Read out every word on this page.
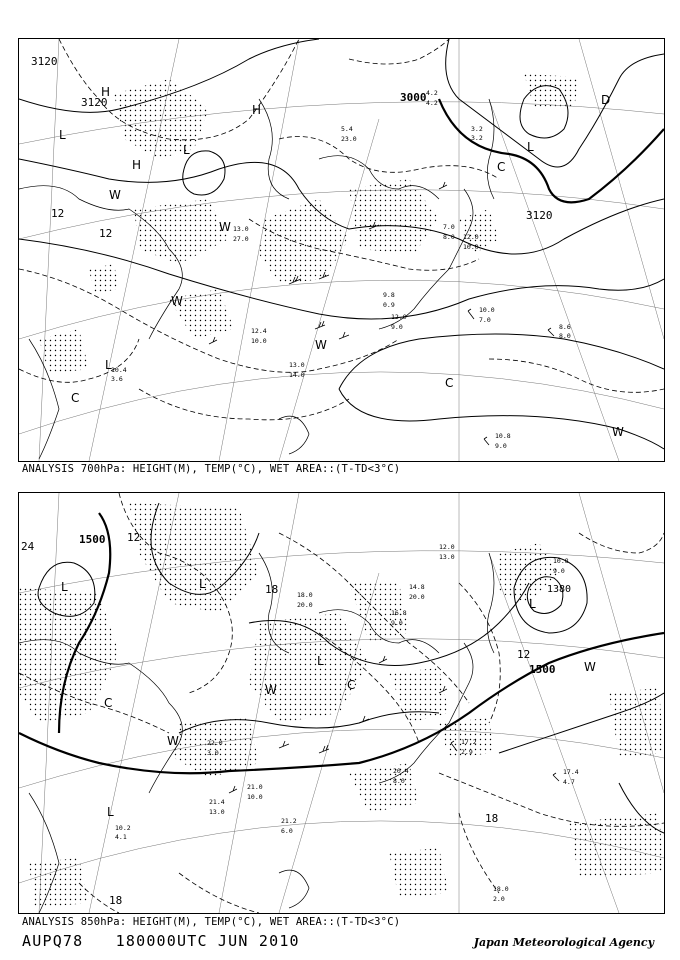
3120
3120	3000
3120
12
12
H
H
H
L
L	L
L
W
W
W
W
W
C
C
C
D
10.0
7.0
8.6
8.0
10.8
9.0
12.0
9.0
13.0
14.0
12.4
10.0
4.2
4.2
3.2
3.2
5.4
23.0
7.0
8.0 12.0
10.0
9.8
0.9
10.4
3.6
13.0
27.0
ANALYSIS 700hPa: HEIGHT(M), TEMP(°C), WET AREA::(T-TD<3°C)
1500
1500
1380
24
12
18
18
18
12
L	L
L
L
L
W
W
W
C
C
17.2
2.9
17.4
4.7
18.0
2.0
20.4
8.0
21.4
13.0
21.2
6.0
21.0
10.0
14.8
20.0
16.8
9.0
12.0
13.0	10.8
9.0
10.2
4.1
22.0
3.0
18.0
20.0
ANALYSIS 850hPa: HEIGHT(M), TEMP(°C), WET AREA::(T-TD<3°C)
AUPQ78 180000UTC JUN 2010	Japan Meteorological Agency
